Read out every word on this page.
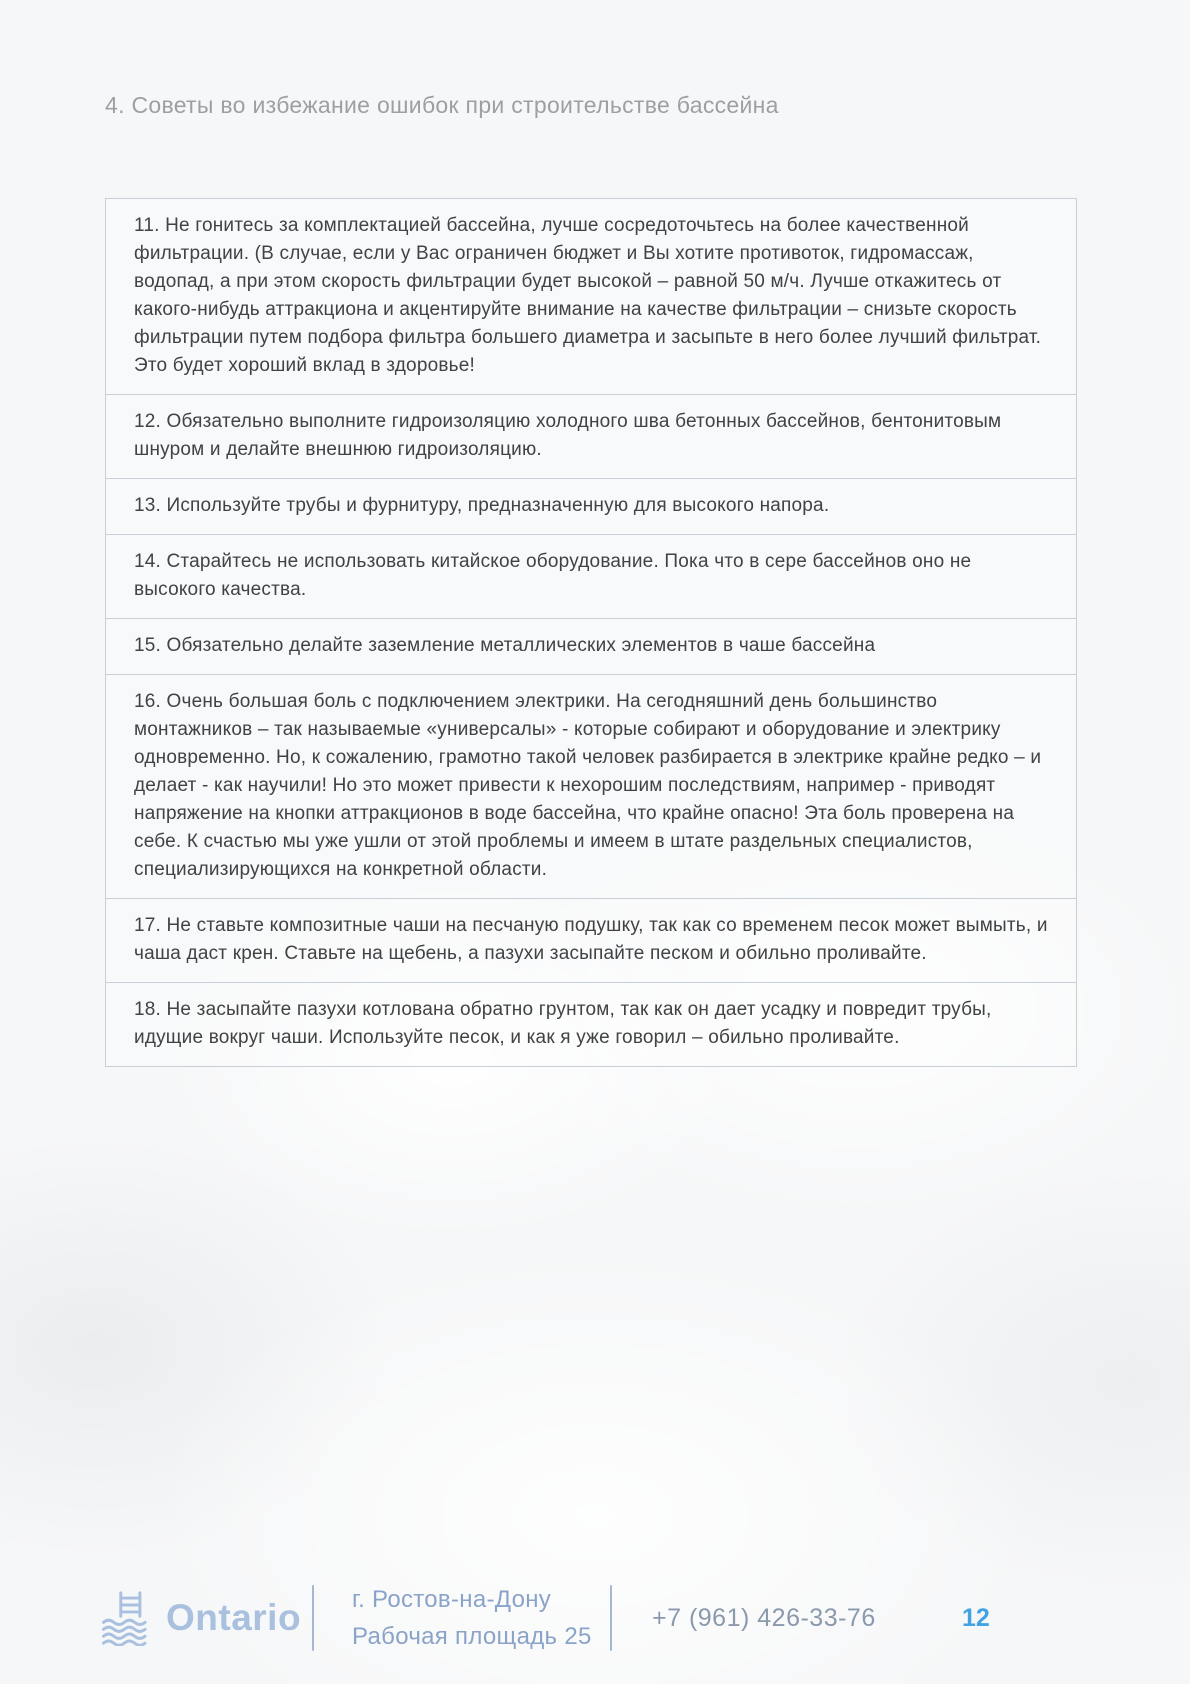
4. Советы во избежание ошибок при строительстве бассейна
11. Не гонитесь за комплектацией бассейна, лучше сосредоточьтесь на более качественной фильтрации. (В случае, если у Вас ограничен бюджет и Вы хотите противоток, гидромассаж, водопад, а при этом скорость фильтрации будет высокой – равной 50 м/ч. Лучше откажитесь от какого-нибудь аттракциона и акцентируйте внимание на качестве фильтрации – снизьте скорость фильтрации путем подбора фильтра большего диаметра и засыпьте в него более лучший фильтрат. Это будет хороший вклад в здоровье!
12. Обязательно выполните гидроизоляцию холодного шва бетонных бассейнов, бентонитовым шнуром и делайте внешнюю гидроизоляцию.
13. Используйте трубы и фурнитуру, предназначенную для высокого напора.
14. Старайтесь не использовать китайское оборудование. Пока что в сере бассейнов оно не высокого качества.
15. Обязательно делайте заземление металлических элементов в чаше бассейна
16. Очень большая боль с подключением электрики. На сегодняшний день большинство монтажников – так называемые «универсалы» - которые собирают и оборудование и электрику одновременно. Но, к сожалению, грамотно такой человек разбирается в электрике крайне редко – и делает - как научили! Но это может привести к нехорошим последствиям, например - приводят напряжение на кнопки аттракционов в воде бассейна, что крайне опасно! Эта боль проверена на себе. К счастью мы уже ушли от этой проблемы и имеем в штате раздельных специалистов, специализирующихся на конкретной области.
17. Не ставьте композитные чаши на песчаную подушку, так как со временем песок может вымыть, и чаша даст крен. Ставьте на щебень, а пазухи засыпайте песком и обильно проливайте.
18. Не засыпайте пазухи котлована обратно грунтом, так как он дает усадку и повредит трубы, идущие вокруг чаши. Используйте песок, и как я уже говорил – обильно проливайте.
Ontario г. Ростов-на-Дону
Рабочая площадь 25
+7 (961) 426-33-76	12
